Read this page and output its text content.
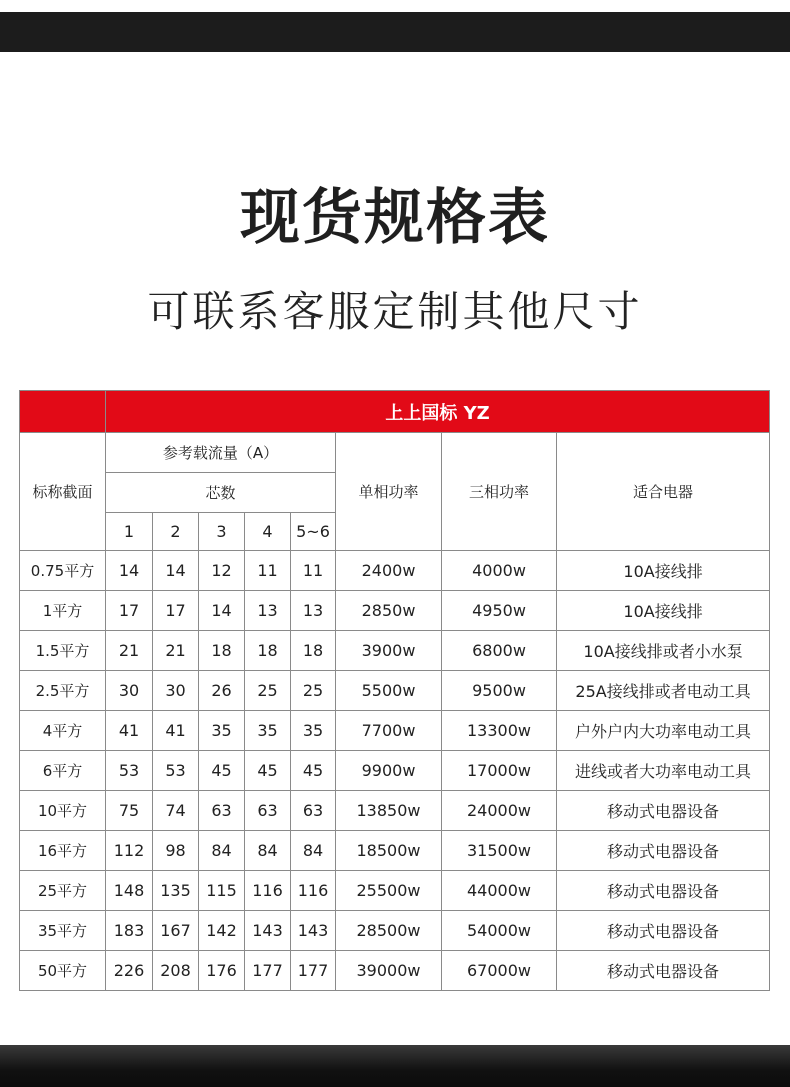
现货规格表
可联系客服定制其他尺寸
	上上国标 YZ							
标称截面	参考载流量（A）					单相功率	三相功率	适合电器
	芯数							
	1	2	3	4	5~6			
0.75平方	14	14	12	11	11	2400w	4000w	10A接线排
1平方	17	17	14	13	13	2850w	4950w	10A接线排
1.5平方	21	21	18	18	18	3900w	6800w	10A接线排或者小水泵
2.5平方	30	30	26	25	25	5500w	9500w	25A接线排或者电动工具
4平方	41	41	35	35	35	7700w	13300w	户外户内大功率电动工具
6平方	53	53	45	45	45	9900w	17000w	进线或者大功率电动工具
10平方	75	74	63	63	63	13850w	24000w	移动式电器设备
16平方	112	98	84	84	84	18500w	31500w	移动式电器设备
25平方	148	135	115	116	116	25500w	44000w	移动式电器设备
35平方	183	167	142	143	143	28500w	54000w	移动式电器设备
50平方	226	208	176	177	177	39000w	67000w	移动式电器设备
